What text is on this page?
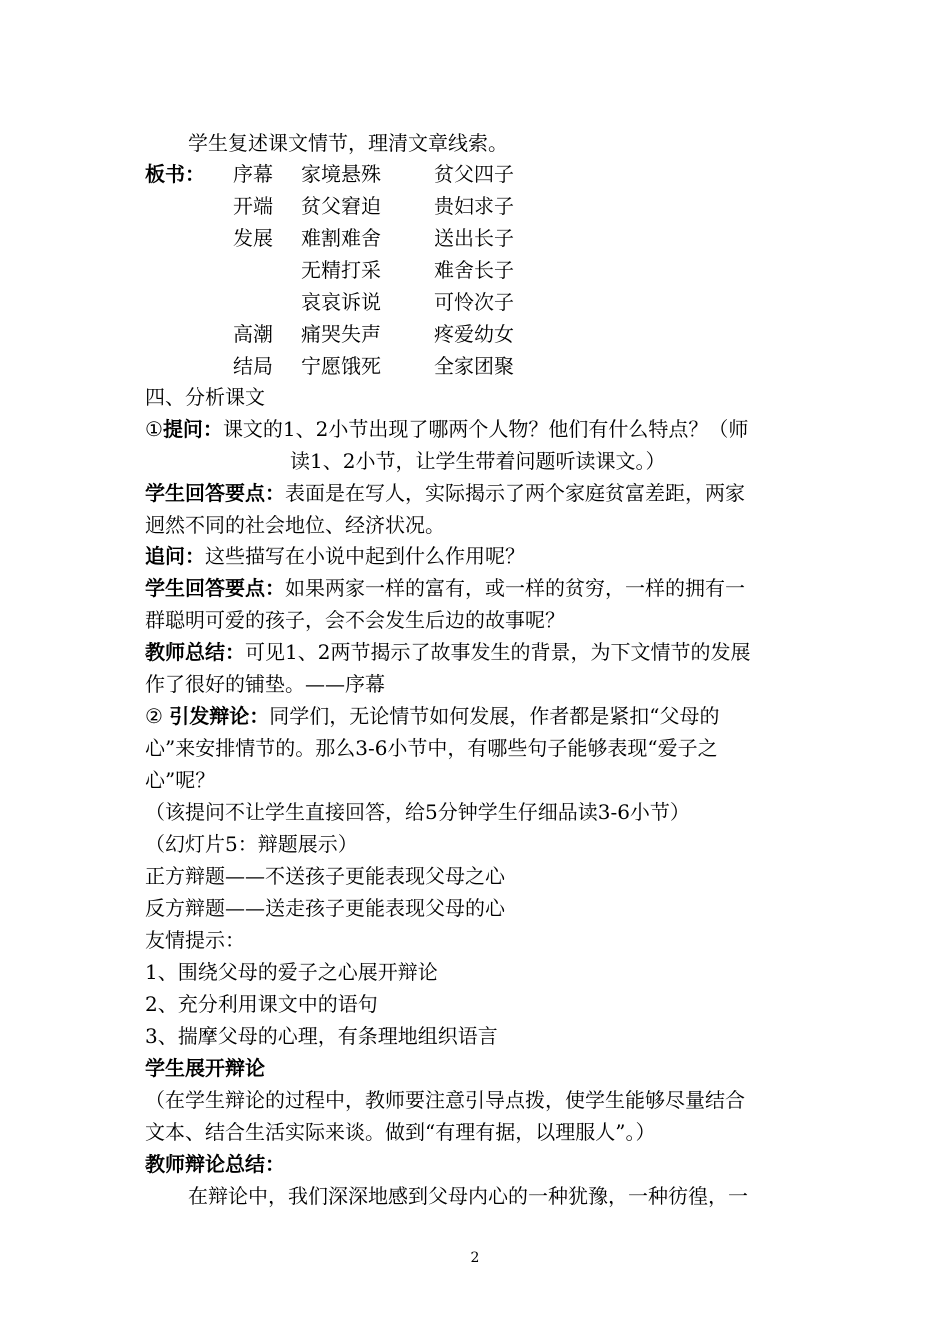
学生复述课文情节，理清文章线索。
板书： 序幕 家境悬殊	贫父四子
开端 贫父窘迫	贵妇求子
发展 难割难舍	送出长子
无精打采	难舍长子
哀哀诉说	可怜次子
高潮 痛哭失声	疼爱幼女
结局 宁愿饿死	全家团聚
四、分析课文
①提问：课文的1、2小节出现了哪两个人物？他们有什么特点？（师
读1、2小节，让学生带着问题听读课文。）
学生回答要点：表面是在写人，实际揭示了两个家庭贫富差距，两家
迥然不同的社会地位、经济状况。
追问：这些描写在小说中起到什么作用呢？
学生回答要点：如果两家一样的富有，或一样的贫穷，一样的拥有一
群聪明可爱的孩子，会不会发生后边的故事呢？
教师总结：可见1、2两节揭示了故事发生的背景，为下文情节的发展
作了很好的铺垫。——序幕
② 引发辩论：同学们，无论情节如何发展，作者都是紧扣“父母的
心”来安排情节的。那么3-6小节中，有哪些句子能够表现“爱子之
心”呢？
（该提问不让学生直接回答，给5分钟学生仔细品读3-6小节）
（幻灯片5：辩题展示）
正方辩题——不送孩子更能表现父母之心
反方辩题——送走孩子更能表现父母的心
友情提示：
1、围绕父母的爱子之心展开辩论
2、充分利用课文中的语句
3、揣摩父母的心理，有条理地组织语言
学生展开辩论
（在学生辩论的过程中，教师要注意引导点拨，使学生能够尽量结合
文本、结合生活实际来谈。做到“有理有据，以理服人”。）
教师辩论总结：
在辩论中，我们深深地感到父母内心的一种犹豫，一种彷徨，一
2
